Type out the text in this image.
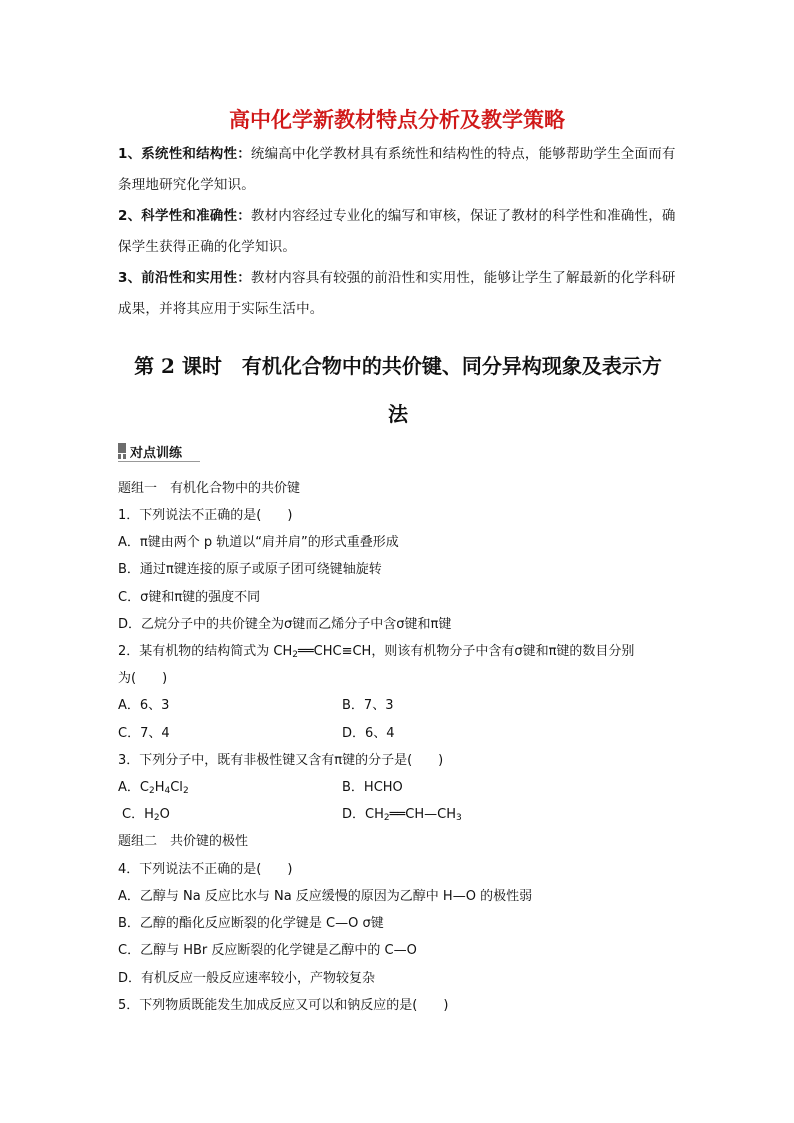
高中化学新教材特点分析及教学策略
1、系统性和结构性：统编高中化学教材具有系统性和结构性的特点，能够帮助学生全面而有条理地研究化学知识。
2、科学性和准确性：教材内容经过专业化的编写和审核，保证了教材的科学性和准确性，确保学生获得正确的化学知识。
3、前沿性和实用性：教材内容具有较强的前沿性和实用性，能够让学生了解最新的化学科研成果，并将其应用于实际生活中。
第 2 课时　有机化合物中的共价键、同分异构现象及表示方
法
对点训练
题组一　有机化合物中的共价键
1．下列说法不正确的是(　　)
A．π键由两个 p 轨道以“肩并肩”的形式重叠形成
B．通过π键连接的原子或原子团可绕键轴旋转
C．σ键和π键的强度不同
D．乙烷分子中的共价键全为σ键而乙烯分子中含σ键和π键
2．某有机物的结构简式为 $CH_2══CHC\equiv CH$，则该有机物分子中含有σ键和π键的数目分别
为(　　)
A．6、3	B．7、3
C．7、4	D．6、4
3．下列分子中，既有非极性键又含有π键的分子是(　　)
A．$C_2H_4Cl_2$	B．HCHO
C．$H_2O$	D．$CH_2══CH—CH_3$
题组二　共价键的极性
4．下列说法不正确的是(　　)
A．乙醇与 Na 反应比水与 Na 反应缓慢的原因为乙醇中 H—O 的极性弱
B．乙醇的酯化反应断裂的化学键是 C—O σ键
C．乙醇与 HBr 反应断裂的化学键是乙醇中的 C—O
D．有机反应一般反应速率较小，产物较复杂
5．下列物质既能发生加成反应又可以和钠反应的是(　　)
